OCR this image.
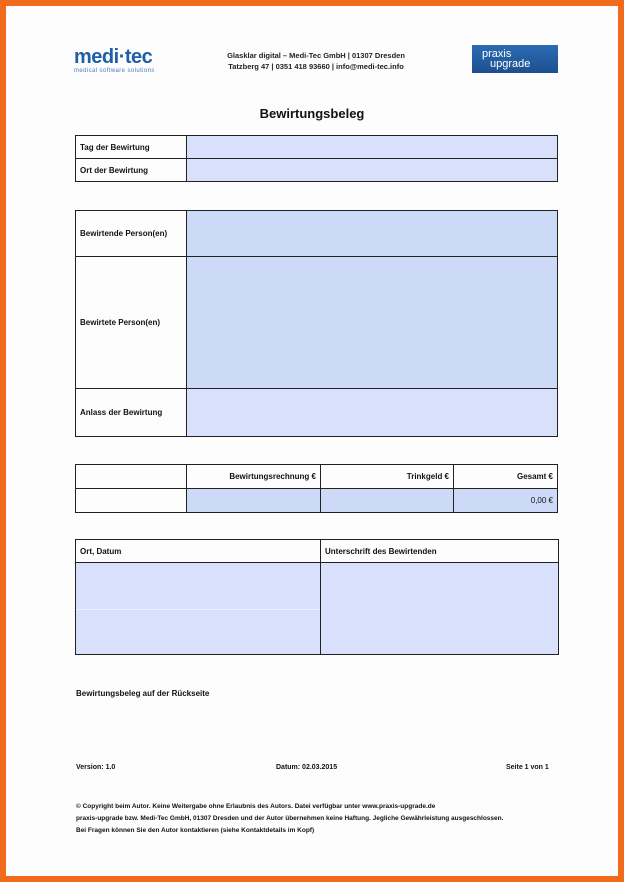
medi·tec
medical software solutions
Glasklar digital – Medi-Tec GmbH | 01307 Dresden
Tatzberg 47 | 0351 418 93660 | info@medi-tec.info
praxis
upgrade
Bewirtungsbeleg
Tag der Bewirtung	
Ort der Bewirtung	
Bewirtende Person(en)	
Bewirtete Person(en)	
Anlass der Bewirtung	
	Bewirtungsrechnung €	Trinkgeld €	Gesamt €
			0,00 €
Ort, Datum	Unterschrift des Bewirtenden

Bewirtungsbeleg auf der Rückseite
Version: 1.0	Datum: 02.03.2015	Seite 1 von 1
© Copyright beim Autor. Keine Weitergabe ohne Erlaubnis des Autors. Datei verfügbar unter www.praxis-upgrade.de
praxis-upgrade bzw. Medi-Tec GmbH, 01307 Dresden und der Autor übernehmen keine Haftung. Jegliche Gewährleistung ausgeschlossen.
Bei Fragen können Sie den Autor kontaktieren (siehe Kontaktdetails im Kopf)
